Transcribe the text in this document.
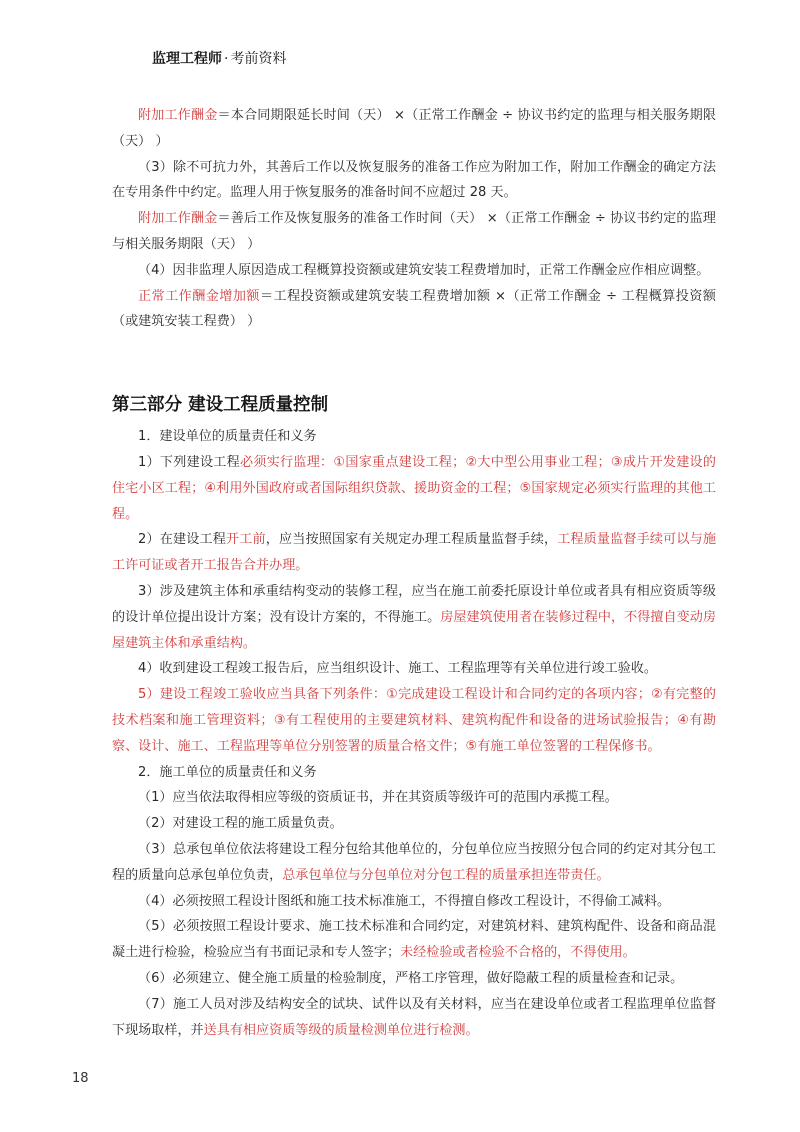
监理工程师 · 考前资料

附加工作酬金＝本合同期限延长时间（天） ×（正常工作酬金 ÷ 协议书约定的监理与相关服务期限（天） ）

（3）除不可抗力外，其善后工作以及恢复服务的准备工作应为附加工作，附加工作酬金的确定方法在专用条件中约定。监理人用于恢复服务的准备时间不应超过 28 天。

附加工作酬金＝善后工作及恢复服务的准备工作时间（天） ×（正常工作酬金 ÷ 协议书约定的监理与相关服务期限（天） ）

（4）因非监理人原因造成工程概算投资额或建筑安装工程费增加时，正常工作酬金应作相应调整。

正常工作酬金增加额＝工程投资额或建筑安装工程费增加额 ×（正常工作酬金 ÷ 工程概算投资额（或建筑安装工程费） ）

第三部分 建设工程质量控制

1．建设单位的质量责任和义务

1）下列建设工程必须实行监理：①国家重点建设工程；②大中型公用事业工程；③成片开发建设的住宅小区工程；④利用外国政府或者国际组织贷款、援助资金的工程；⑤国家规定必须实行监理的其他工程。

2）在建设工程开工前，应当按照国家有关规定办理工程质量监督手续，工程质量监督手续可以与施工许可证或者开工报告合并办理。

3）涉及建筑主体和承重结构变动的装修工程，应当在施工前委托原设计单位或者具有相应资质等级的设计单位提出设计方案；没有设计方案的，不得施工。房屋建筑使用者在装修过程中，不得擅自变动房屋建筑主体和承重结构。

4）收到建设工程竣工报告后，应当组织设计、施工、工程监理等有关单位进行竣工验收。

5）建设工程竣工验收应当具备下列条件：①完成建设工程设计和合同约定的各项内容；②有完整的技术档案和施工管理资料；③有工程使用的主要建筑材料、建筑构配件和设备的进场试验报告；④有勘察、设计、施工、工程监理等单位分别签署的质量合格文件；⑤有施工单位签署的工程保修书。

2．施工单位的质量责任和义务

（1）应当依法取得相应等级的资质证书，并在其资质等级许可的范围内承揽工程。

（2）对建设工程的施工质量负责。

（3）总承包单位依法将建设工程分包给其他单位的，分包单位应当按照分包合同的约定对其分包工程的质量向总承包单位负责，总承包单位与分包单位对分包工程的质量承担连带责任。

（4）必须按照工程设计图纸和施工技术标准施工，不得擅自修改工程设计，不得偷工减料。

（5）必须按照工程设计要求、施工技术标准和合同约定，对建筑材料、建筑构配件、设备和商品混凝土进行检验，检验应当有书面记录和专人签字；未经检验或者检验不合格的，不得使用。

（6）必须建立、健全施工质量的检验制度，严格工序管理，做好隐蔽工程的质量检查和记录。

（7）施工人员对涉及结构安全的试块、试件以及有关材料，应当在建设单位或者工程监理单位监督下现场取样，并送具有相应资质等级的质量检测单位进行检测。

18
